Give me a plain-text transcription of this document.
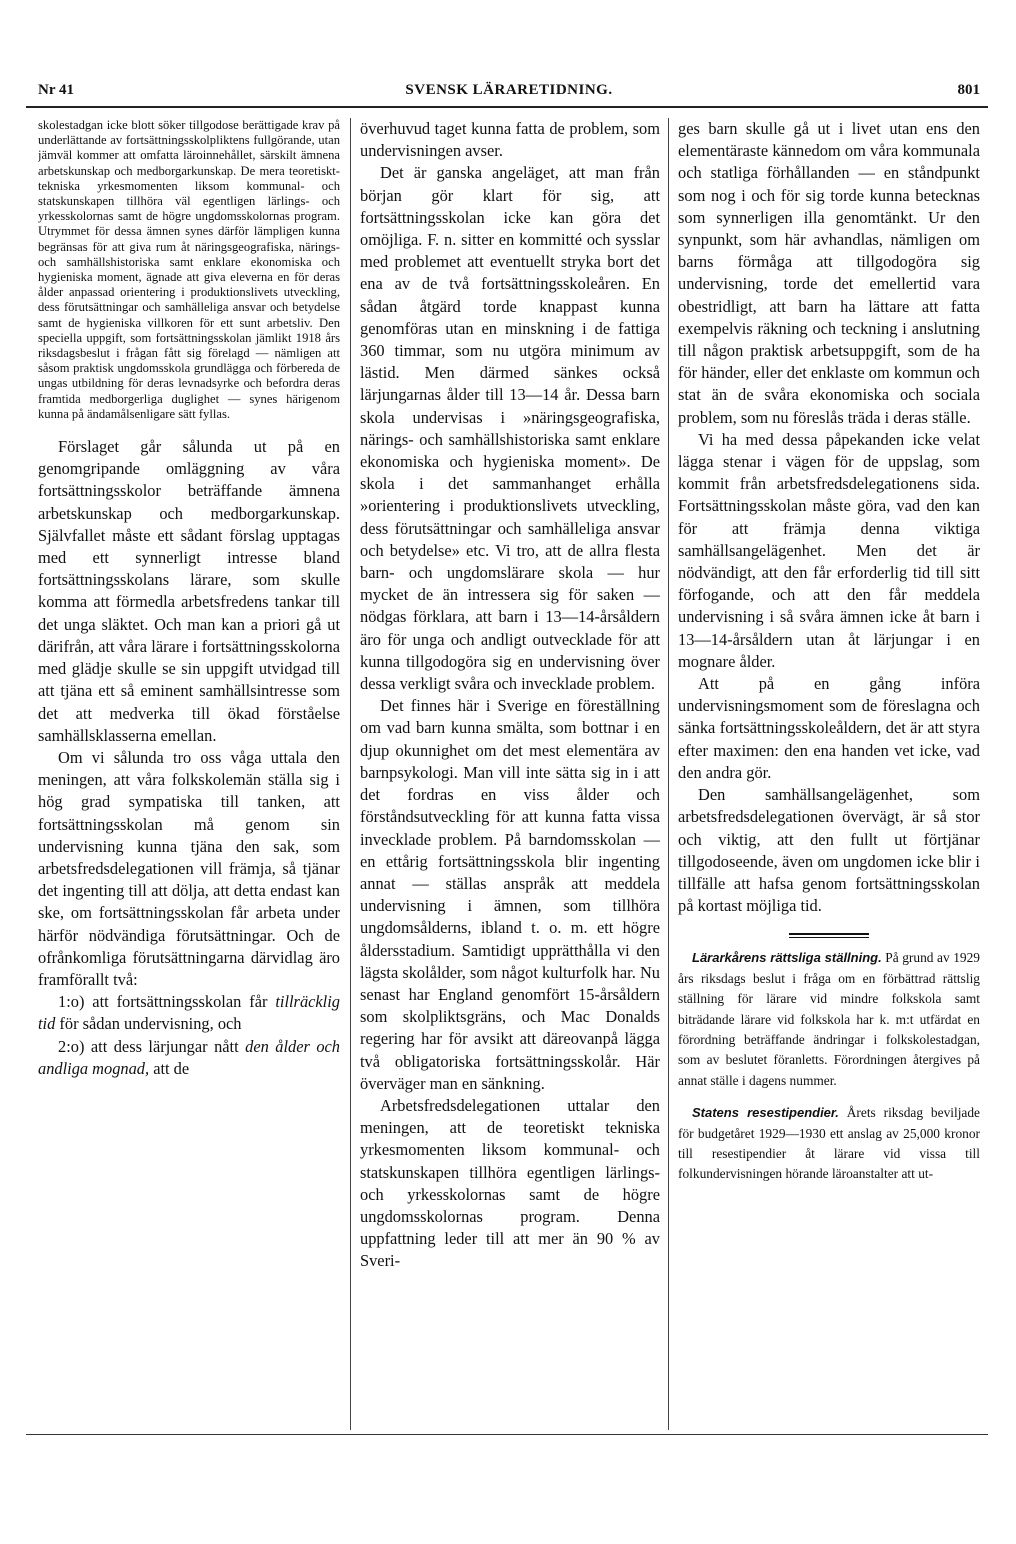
Nr 41	SVENSK LÄRARETIDNING.	801

skolestadgan icke blott söker tillgodose berättigade krav på underlättande av fortsättningsskolpliktens fullgörande, utan jämväl kommer att omfatta läroinnehållet, särskilt ämnena arbetskunskap och medborgarkunskap. De mera teoretiskt-tekniska yrkesmomenten liksom kommunal- och statskunskapen tillhöra väl egentligen lärlings- och yrkesskolornas samt de högre ungdomsskolornas program. Utrymmet för dessa ämnen synes därför lämpligen kunna begränsas för att giva rum åt näringsgeografiska, närings- och samhällshistoriska samt enklare ekonomiska och hygieniska moment, ägnade att giva eleverna en för deras ålder anpassad orientering i produktionslivets utveckling, dess förutsättningar och samhälleliga ansvar och betydelse samt de hygieniska villkoren för ett sunt arbetsliv. Den speciella uppgift, som fortsättningsskolan jämlikt 1918 års riksdagsbeslut i frågan fått sig förelagd — nämligen att såsom praktisk ungdomsskola grundlägga och förbereda de ungas utbildning för deras levnadsyrke och befordra deras framtida medborgerliga duglighet — synes härigenom kunna på ändamålsenligare sätt fyllas.

Förslaget går sålunda ut på en genomgripande omläggning av våra fortsättningsskolor beträffande ämnena arbetskunskap och medborgarkunskap. Självfallet måste ett sådant förslag upptagas med ett synnerligt intresse bland fortsättningsskolans lärare, som skulle komma att förmedla arbetsfredens tankar till det unga släktet. Och man kan a priori gå ut därifrån, att våra lärare i fortsättningsskolorna med glädje skulle se sin uppgift utvidgad till att tjäna ett så eminent samhällsintresse som det att medverka till ökad förståelse samhällsklasserna emellan.

Om vi sålunda tro oss våga uttala den meningen, att våra folkskolemän ställa sig i hög grad sympatiska till tanken, att fortsättningsskolan må genom sin undervisning kunna tjäna den sak, som arbetsfredsdelegationen vill främja, så tjänar det ingenting till att dölja, att detta endast kan ske, om fortsättningsskolan får arbeta under härför nödvändiga förutsättningar. Och de ofrånkomliga förutsättningarna därvidlag äro framförallt två:

1:o) att fortsättningsskolan får tillräcklig tid för sådan undervisning, och

2:o) att dess lärjungar nått den ålder och andliga mognad, att de

överhuvud taget kunna fatta de problem, som undervisningen avser.

Det är ganska angeläget, att man från början gör klart för sig, att fortsättningsskolan icke kan göra det omöjliga. F. n. sitter en kommitté och sysslar med problemet att eventuellt stryka bort det ena av de två fortsättningsskoleåren. En sådan åtgärd torde knappast kunna genomföras utan en minskning i de fattiga 360 timmar, som nu utgöra minimum av lästid. Men därmed sänkes också lärjungarnas ålder till 13—14 år. Dessa barn skola undervisas i »näringsgeografiska, närings- och samhällshistoriska samt enklare ekonomiska och hygieniska moment». De skola i det sammanhanget erhålla »orientering i produktionslivets utveckling, dess förutsättningar och samhälleliga ansvar och betydelse» etc. Vi tro, att de allra flesta barn- och ungdomslärare skola — hur mycket de än intressera sig för saken — nödgas förklara, att barn i 13—14-årsåldern äro för unga och andligt outvecklade för att kunna tillgodogöra sig en undervisning över dessa verkligt svåra och invecklade problem.

Det finnes här i Sverige en föreställning om vad barn kunna smälta, som bottnar i en djup okunnighet om det mest elementära av barnpsykologi. Man vill inte sätta sig in i att det fordras en viss ålder och förståndsutveckling för att kunna fatta vissa invecklade problem. På barndomsskolan — en ettårig fortsättningsskola blir ingenting annat — ställas anspråk att meddela undervisning i ämnen, som tillhöra ungdomsålderns, ibland t. o. m. ett högre åldersstadium. Samtidigt upprätthålla vi den lägsta skolålder, som något kulturfolk har. Nu senast har England genomfört 15-årsåldern som skolpliktsgräns, och Mac Donalds regering har för avsikt att däreovanpå lägga två obligatoriska fortsättningsskolår. Här överväger man en sänkning.

Arbetsfredsdelegationen uttalar den meningen, att de teoretiskt tekniska yrkesmomenten liksom kommunal- och statskunskapen tillhöra egentligen lärlings- och yrkesskolornas samt de högre ungdomsskolornas program. Denna uppfattning leder till att mer än 90 % av Sveri-

ges barn skulle gå ut i livet utan ens den elementäraste kännedom om våra kommunala och statliga förhållanden — en ståndpunkt som nog i och för sig torde kunna betecknas som synnerligen illa genomtänkt. Ur den synpunkt, som här avhandlas, nämligen om barns förmåga att tillgodogöra sig undervisning, torde det emellertid vara obestridligt, att barn ha lättare att fatta exempelvis räkning och teckning i anslutning till någon praktisk arbetsuppgift, som de ha för händer, eller det enklaste om kommun och stat än de svåra ekonomiska och sociala problem, som nu föreslås träda i deras ställe.

Vi ha med dessa påpekanden icke velat lägga stenar i vägen för de uppslag, som kommit från arbetsfredsdelegationens sida. Fortsättningsskolan måste göra, vad den kan för att främja denna viktiga samhällsangelägenhet. Men det är nödvändigt, att den får erforderlig tid till sitt förfogande, och att den får meddela undervisning i så svåra ämnen icke åt barn i 13—14-årsåldern utan åt lärjungar i en mognare ålder.

Att på en gång införa undervisningsmoment som de föreslagna och sänka fortsättningsskoleåldern, det är att styra efter maximen: den ena handen vet icke, vad den andra gör.

Den samhällsangelägenhet, som arbetsfredsdelegationen övervägt, är så stor och viktig, att den fullt ut förtjänar tillgodoseende, även om ungdomen icke blir i tillfälle att hafsa genom fortsättningsskolan på kortast möjliga tid.

Lärarkårens rättsliga ställning. På grund av 1929 års riksdags beslut i fråga om en förbättrad rättslig ställning för lärare vid mindre folkskola samt biträdande lärare vid folkskola har k. m:t utfärdat en förordning beträffande ändringar i folkskolestadgan, som av beslutet föranletts. Förordningen återgives på annat ställe i dagens nummer.

Statens resestipendier. Årets riksdag beviljade för budgetåret 1929—1930 ett anslag av 25,000 kronor till resestipendier åt lärare vid vissa till folkundervisningen hörande läroanstalter att ut-
